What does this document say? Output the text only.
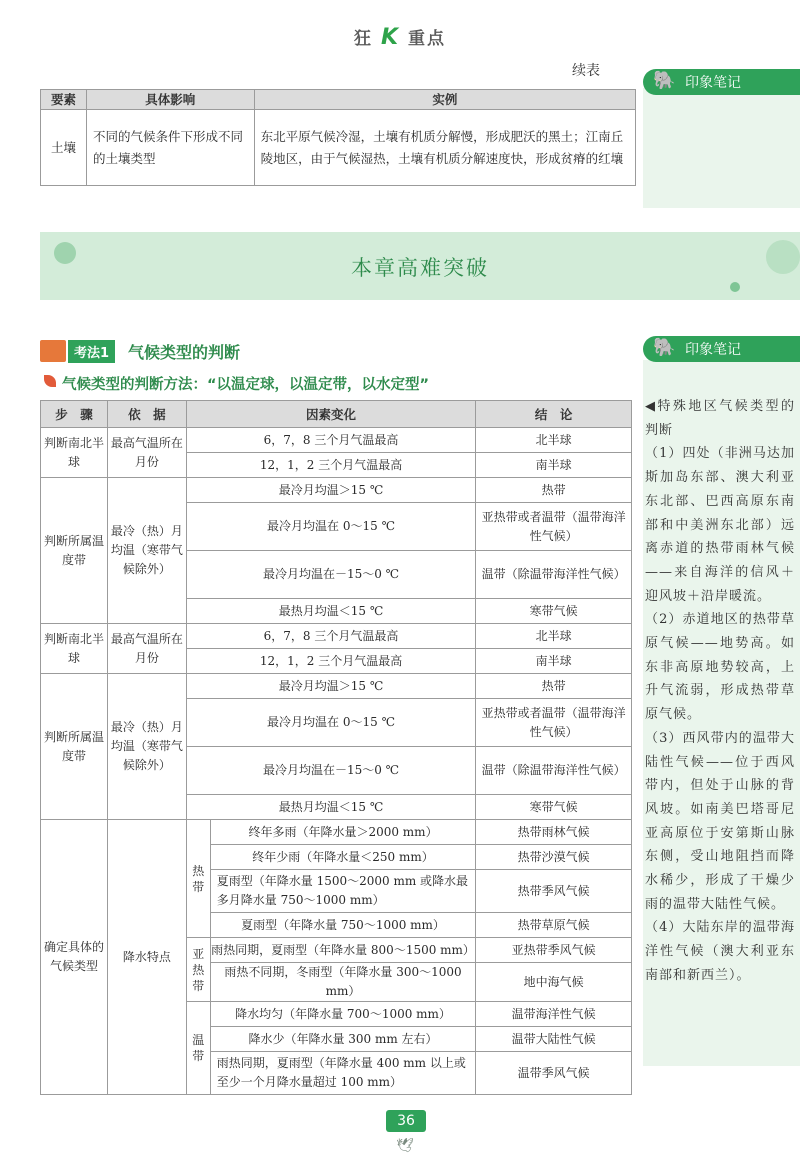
狂 K 重点
续表	🐘 印象笔记
要素	具体影响	实例
土壤	不同的气候条件下形成不同的土壤类型	东北平原气候冷湿，土壤有机质分解慢，形成肥沃的黑土；江南丘陵地区，由于气候湿热，土壤有机质分解速度快，形成贫瘠的红壤
本章高难突破
考法1	气候类型的判断	🐘 印象笔记
气候类型的判断方法：“以温定球，以温定带，以水定型”
步　骤	依　据	因素变化		结　论
判断南北半球	最高气温所在月份	6，7，8 三个月气温最高		北半球
		12，1，2 三个月气温最高		南半球
判断所属温度带	最冷（热）月均温（寒带气候除外）	最冷月均温＞15 ℃		热带
		最冷月均温在 0～15 ℃		亚热带或者温带（温带海洋性气候）
		最冷月均温在－15～0 ℃		温带（除温带海洋性气候）
		最热月均温＜15 ℃		寒带气候
判断南北半球	最高气温所在月份	6，7，8 三个月气温最高		北半球
		12，1，2 三个月气温最高		南半球
判断所属温度带	最冷（热）月均温（寒带气候除外）	最冷月均温＞15 ℃		热带
		最冷月均温在 0～15 ℃		亚热带或者温带（温带海洋性气候）
		最冷月均温在－15～0 ℃		温带（除温带海洋性气候）
		最热月均温＜15 ℃		寒带气候
确定具体的气候类型	降水特点	热带	终年多雨（年降水量＞2000 mm）	热带雨林气候
			终年少雨（年降水量＜250 mm）	热带沙漠气候
			夏雨型（年降水量 1500～2000 mm 或降水最多月降水量 750～1000 mm）	热带季风气候
			夏雨型（年降水量 750～1000 mm）	热带草原气候
		亚热带	雨热同期，夏雨型（年降水量 800～1500 mm）	亚热带季风气候
			雨热不同期，冬雨型（年降水量 300～1000 mm）	地中海气候
		温带	降水均匀（年降水量 700～1000 mm）	温带海洋性气候
			降水少（年降水量 300 mm 左右）	温带大陆性气候
			雨热同期，夏雨型（年降水量 400 mm 以上或至少一个月降水量超过 100 mm）	温带季风气候

◀特殊地区气候类型的判断

（1）四处（非洲马达加斯加岛东部、澳大利亚东北部、巴西高原东南部和中美洲东北部）远离赤道的热带雨林气候——来自海洋的信风＋迎风坡＋沿岸暖流。

（2）赤道地区的热带草原气候——地势高。如东非高原地势较高，上升气流弱，形成热带草原气候。

（3）西风带内的温带大陆性气候——位于西风带内，但处于山脉的背风坡。如南美巴塔哥尼亚高原位于安第斯山脉东侧，受山地阻挡而降水稀少，形成了干燥少雨的温带大陆性气候。

（4）大陆东岸的温带海洋性气候（澳大利亚东南部和新西兰）。

36
🕊
